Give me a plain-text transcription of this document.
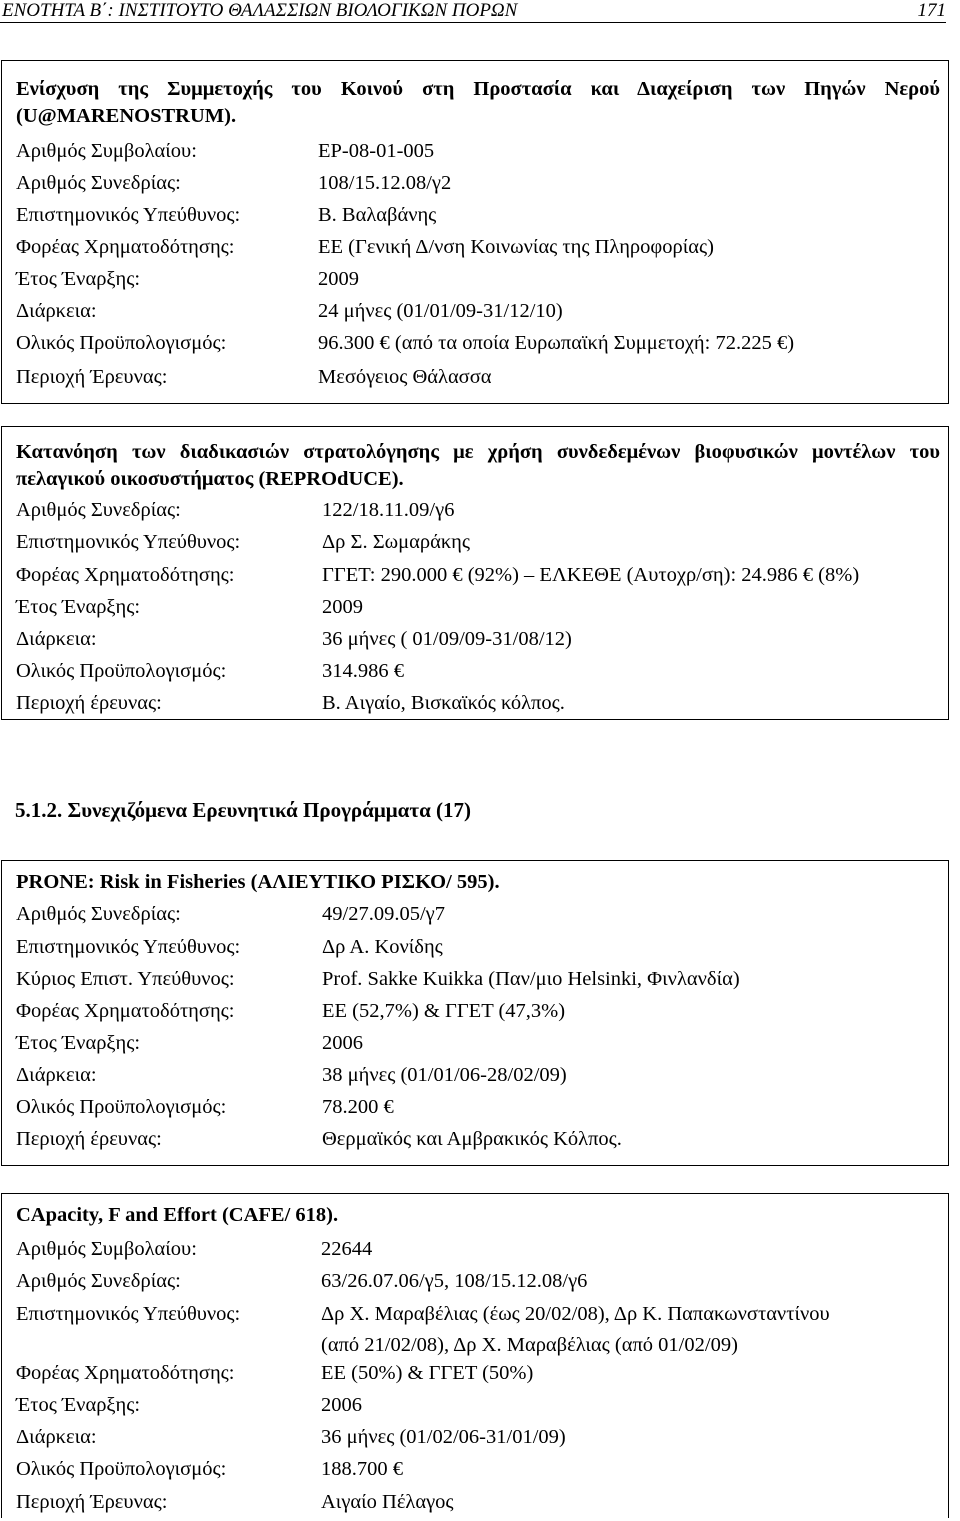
ΕΝΟΤΗΤΑ Β΄: ΙΝΣΤΙΤΟΥΤΟ ΘΑΛΑΣΣΙΩΝ ΒΙΟΛΟΓΙΚΩΝ ΠΟΡΩΝ	171
Ενίσχυση της Συμμετοχής του Κοινού στη Προστασία και Διαχείριση των Πηγών Νερού (U@MARENOSTRUM).
Αριθμός Συμβολαίου:	ΕΡ-08-01-005
Αριθμός Συνεδρίας:	108/15.12.08/γ2
Επιστημονικός Υπεύθυνος:	Β. Βαλαβάνης
Φορέας Χρηματοδότησης:	ΕΕ (Γενική Δ/νση Κοινωνίας της Πληροφορίας)
Έτος Έναρξης:	2009
Διάρκεια:	24 μήνες (01/01/09-31/12/10)
Ολικός Προϋπολογισμός:	96.300 € (από τα οποία Ευρωπαϊκή Συμμετοχή: 72.225 €)
Περιοχή Έρευνας:	Μεσόγειος Θάλασσα
Κατανόηση των διαδικασιών στρατολόγησης με χρήση συνδεδεμένων βιοφυσικών μοντέλων του πελαγικού οικοσυστήματος (REPROdUCE).
Αριθμός Συνεδρίας:	122/18.11.09/γ6
Επιστημονικός Υπεύθυνος:	Δρ Σ. Σωμαράκης
Φορέας Χρηματοδότησης:	ΓΓΕΤ: 290.000 € (92%) – ΕΛΚΕΘΕ (Αυτοχρ/ση): 24.986 € (8%)
Έτος Έναρξης:	2009
Διάρκεια:	36 μήνες ( 01/09/09-31/08/12)
Ολικός Προϋπολογισμός:	314.986 €
Περιοχή έρευνας:	Β. Αιγαίο, Βισκαϊκός κόλπος.
5.1.2. Συνεχιζόμενα Ερευνητικά Προγράμματα (17)
PRONE: Risk in Fisheries (ΑΛΙΕΥΤΙΚΟ ΡΙΣΚΟ/ 595).
Αριθμός Συνεδρίας:	49/27.09.05/γ7
Επιστημονικός Υπεύθυνος:	Δρ Α. Κονίδης
Κύριος Επιστ. Υπεύθυνος:	Prof. Sakke Kuikka (Παν/μιο Helsinki, Φινλανδία)
Φορέας Χρηματοδότησης:	ΕΕ (52,7%) & ΓΓΕΤ (47,3%)
Έτος Έναρξης:	2006
Διάρκεια:	38 μήνες (01/01/06-28/02/09)
Ολικός Προϋπολογισμός:	78.200 €
Περιοχή έρευνας:	Θερμαϊκός και Αμβρακικός Κόλπος.
CApacity, F and Effort (CAFE/ 618).
Αριθμός Συμβολαίου:	22644
Αριθμός Συνεδρίας:	63/26.07.06/γ5, 108/15.12.08/γ6
Επιστημονικός Υπεύθυνος:	Δρ Χ. Μαραβέλιας (έως 20/02/08), Δρ Κ. Παπακωνσταντίνου
(από 21/02/08), Δρ Χ. Μαραβέλιας (από 01/02/09)
Φορέας Χρηματοδότησης:	ΕΕ (50%) & ΓΓΕΤ (50%)
Έτος Έναρξης:	2006
Διάρκεια:	36 μήνες (01/02/06-31/01/09)
Ολικός Προϋπολογισμός:	188.700 €
Περιοχή Έρευνας:	Αιγαίο Πέλαγος
